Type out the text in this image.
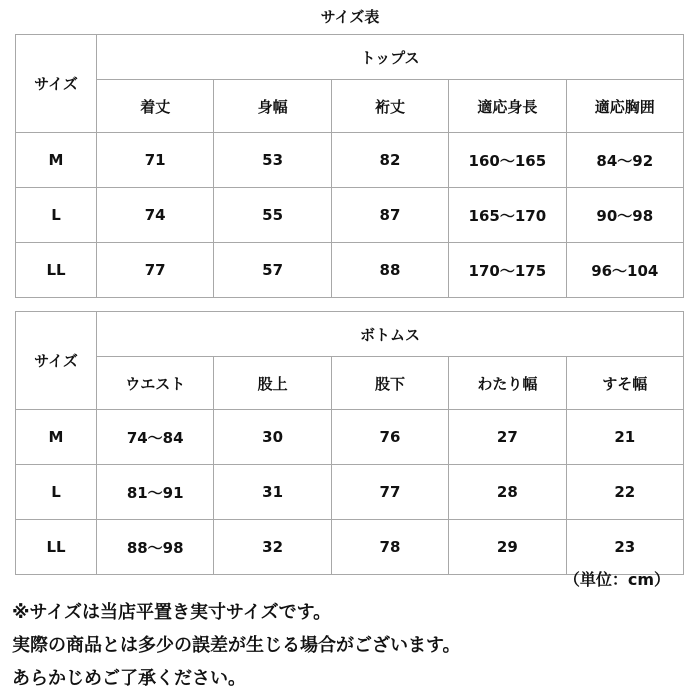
サイズ表
サイズ	トップス				
	着丈	身幅	裄丈	適応身長	適応胸囲
M	71	53	82	160〜165	84〜92
L	74	55	87	165〜170	90〜98
LL	77	57	88	170〜175	96〜104
サイズ	ボトムス				
	ウエスト	股上	股下	わたり幅	すそ幅
M	74〜84	30	76	27	21
L	81〜91	31	77	28	22
LL	88〜98	32	78	29	23
（単位：cm）
※サイズは当店平置き実寸サイズです。
実際の商品とは多少の誤差が生じる場合がございます。
あらかじめご了承ください。
